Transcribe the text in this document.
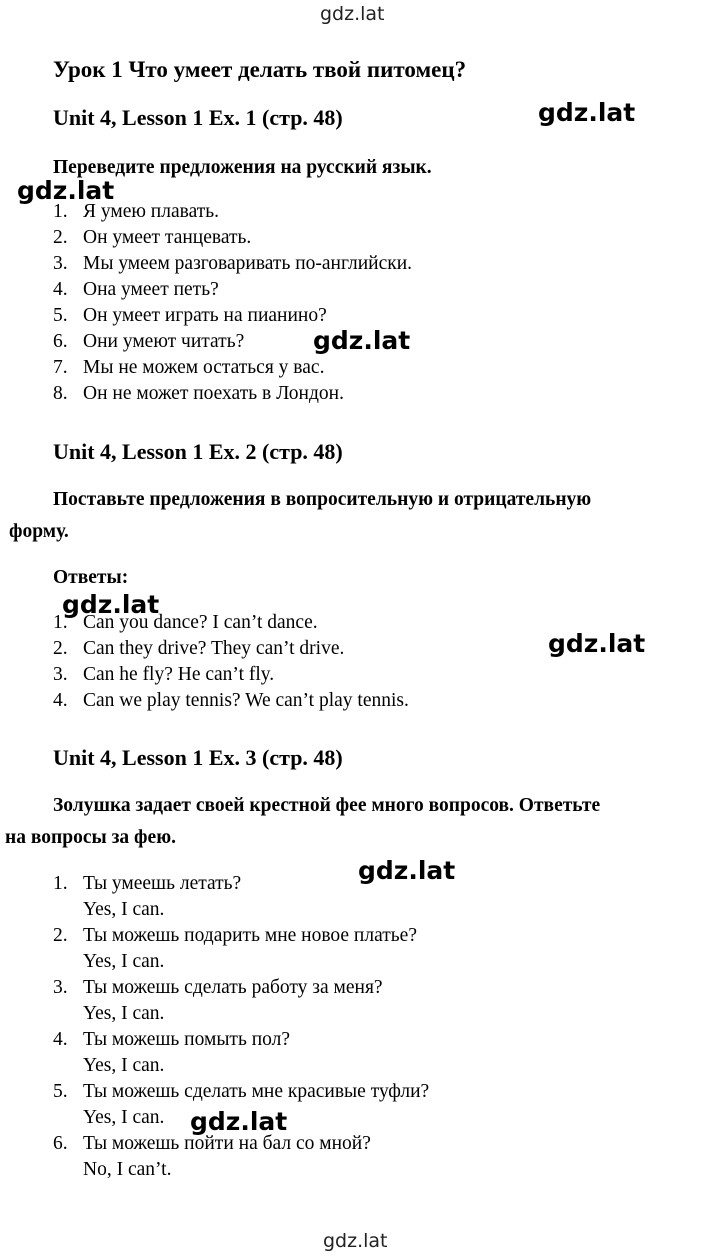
gdz.lat
Урок 1 Что умеет делать твой питомец?
Unit 4, Lesson 1 Ex. 1 (стр. 48)	gdz.lat
Переведите предложения на русский язык.
gdz.lat
1. Я умею плавать.
2. Он умеет танцевать.
3. Мы умеем разговаривать по-английски.
4. Она умеет петь?
5. Он умеет играть на пианино?
6. Они умеют читать?
7. Мы не можем остаться у вас.
8. Он не может поехать в Лондон.
gdz.lat
Unit 4, Lesson 1 Ex. 2 (стр. 48)
Поставьте предложения в вопросительную и отрицательную
форму.
Ответы:
gdz.lat
1. Can you dance? I can’t dance.
2. Can they drive? They can’t drive.
3. Can he fly? He can’t fly.
4. Can we play tennis? We can’t play tennis.
gdz.lat
Unit 4, Lesson 1 Ex. 3 (стр. 48)
Золушка задает своей крестной фее много вопросов. Ответьте
на вопросы за фею.
gdz.lat
1. Ты умеешь летать?
Yes, I can.
2. Ты можешь подарить мне новое платье?
Yes, I can.
3. Ты можешь сделать работу за меня?
Yes, I can.
4. Ты можешь помыть пол?
Yes, I can.
5. Ты можешь сделать мне красивые туфли?
Yes, I can.
6. Ты можешь пойти на бал со мной?
No, I can’t.
gdz.lat
gdz.lat
